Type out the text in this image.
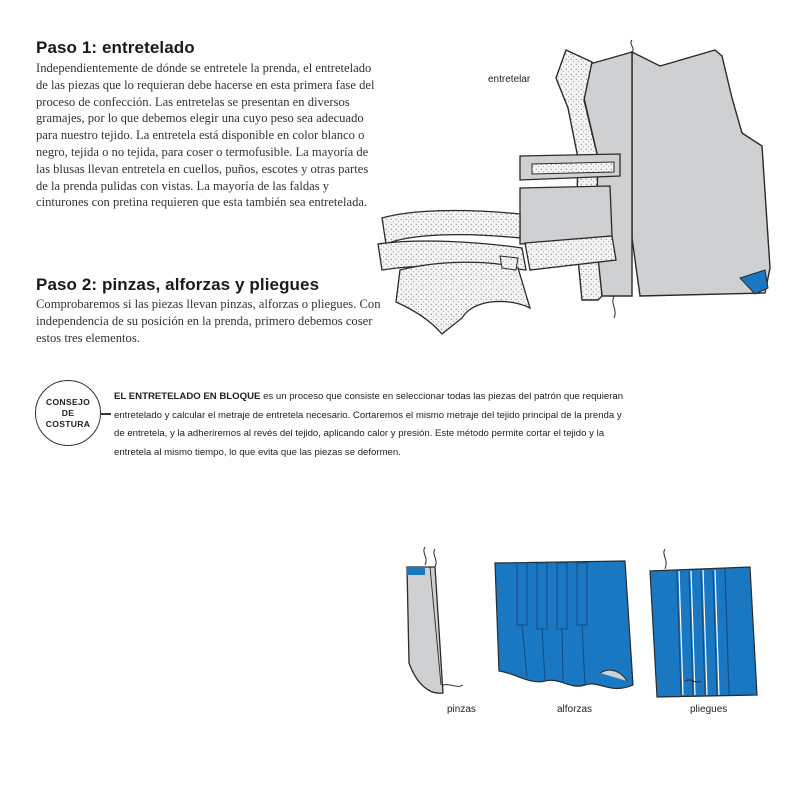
Paso 1: entretelado

Independientemente de dónde se entretele la prenda, el entretelado de las piezas que lo requieran debe hacerse en esta primera fase del proceso de confección. Las entretelas se presentan en diversos gramajes, por lo que debemos elegir una cuyo peso sea adecuado para nuestro tejido. La entretela está disponible en color blanco o negro, tejida o no tejida, para coser o termofusible. La mayoría de las blusas llevan entretela en cuellos, puños, escotes y otras partes de la prenda pulidas con vistas. La mayoría de las faldas y cinturones con pretina requieren que esta también sea entretelada.

Paso 2: pinzas, alforzas y pliegues

Comprobaremos si las piezas llevan pinzas, alforzas o pliegues. Con independencia de su posición en la prenda, primero debemos coser estos tres elementos.

entretelar
CONSEJO
DE
COSTURA
EL ENTRETELADO EN BLOQUE es un proceso que consiste en seleccionar todas las piezas del patrón que requieran entretelado y calcular el metraje de entretela necesario. Cortaremos el mismo metraje del tejido principal de la prenda y de entretela, y la adheriremos al revés del tejido, aplicando calor y presión. Este método permite cortar el tejido y la entretela al mismo tiempo, lo que evita que las piezas se deformen.
pinzas	alforzas	pliegues
